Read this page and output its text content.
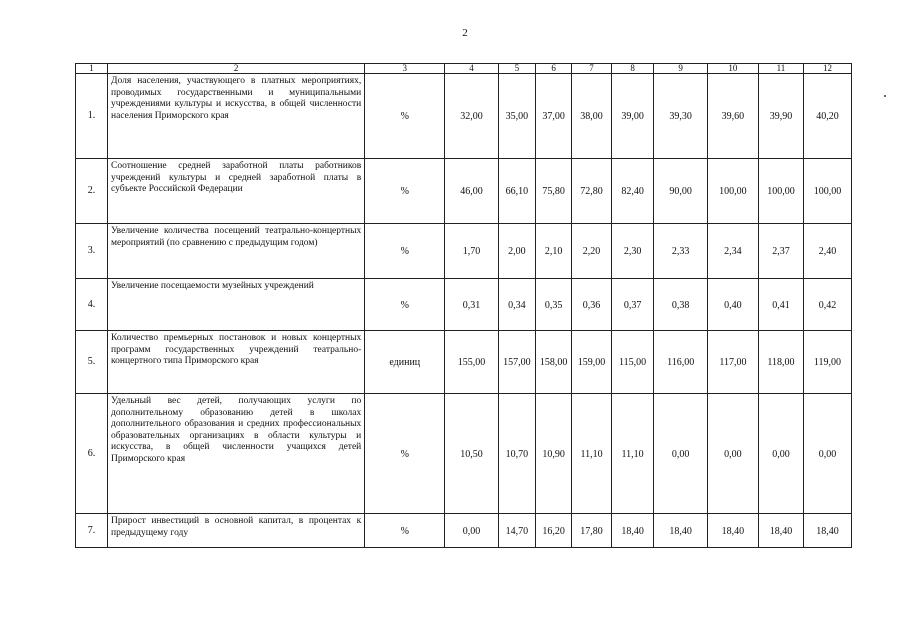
2
1	2	3	4	5	6	7	8	9	10	11	12
1.	Доля населения, участвующего в платных мероприятиях, проводимых государственными и муниципальными учреждениями культуры и искусства, в общей численности населения Приморского края	%	32,00	35,00	37,00	38,00	39,00	39,30	39,60	39,90	40,20
2.	Соотношение средней заработной платы работников учреждений культуры и средней заработной платы в субъекте Российской Федерации	%	46,00	66,10	75,80	72,80	82,40	90,00	100,00	100,00	100,00
3.	Увеличение количества посещений театрально-концертных мероприятий (по сравнению с предыдущим годом)	%	1,70	2,00	2,10	2,20	2,30	2,33	2,34	2,37	2,40
4.	Увеличение посещаемости музейных учреждений	%	0,31	0,34	0,35	0,36	0,37	0,38	0,40	0,41	0,42
5.	Количество премьерных постановок и новых концертных программ государственных учреждений театрально-концертного типа Приморского края	единиц	155,00	157,00	158,00	159,00	115,00	116,00	117,00	118,00	119,00
6.	Удельный вес детей, получающих услуги по дополнительному образованию детей в школах дополнительного образования и средних профессиональных образовательных организациях в области культуры и искусства, в общей численности учащихся детей Приморского края	%	10,50	10,70	10,90	11,10	11,10	0,00	0,00	0,00	0,00
7.	Прирост инвестиций в основной капитал, в процентах к предыдущему году	%	0,00	14,70	16,20	17,80	18,40	18,40	18,40	18,40	18,40
